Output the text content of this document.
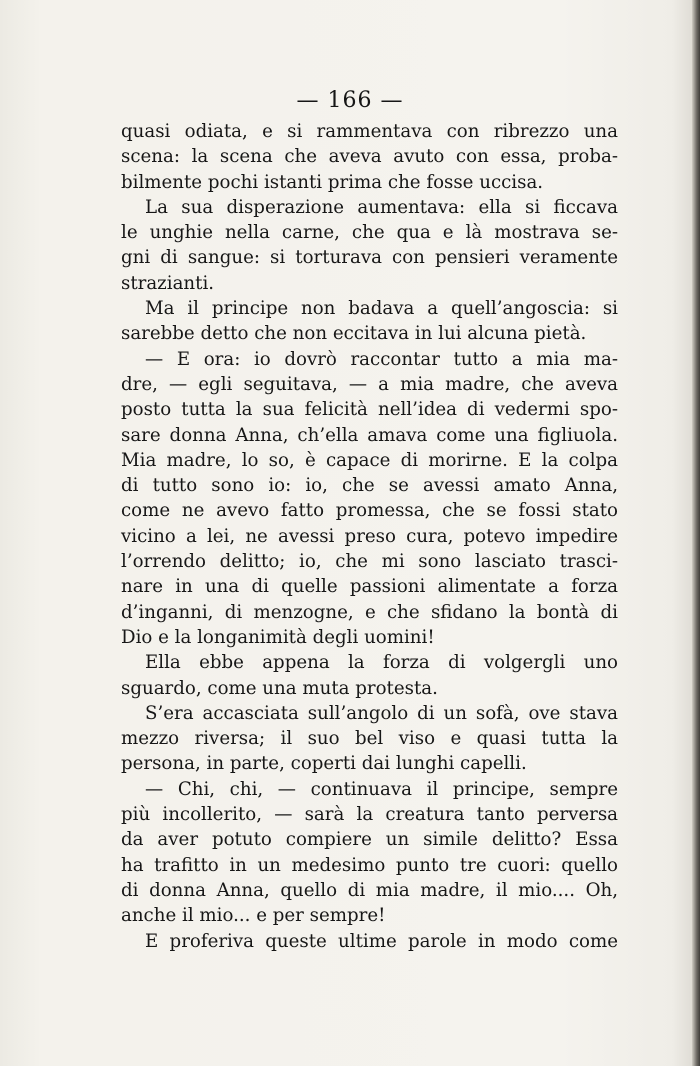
— 166 —
quasi odiata, e si rammentava con ribrezzo una
scena: la scena che aveva avuto con essa, proba-
bilmente pochi istanti prima che fosse uccisa.
La sua disperazione aumentava: ella si ficcava
le unghie nella carne, che qua e là mostrava se-
gni di sangue: si torturava con pensieri veramente
strazianti.
Ma il principe non badava a quell’angoscia: si
sarebbe detto che non eccitava in lui alcuna pietà.
— E ora: io dovrò raccontar tutto a mia ma-
dre, — egli seguitava, — a mia madre, che aveva
posto tutta la sua felicità nell’idea di vedermi spo-
sare donna Anna, ch’ella amava come una figliuola.
Mia madre, lo so, è capace di morirne. E la colpa
di tutto sono io: io, che se avessi amato Anna,
come ne avevo fatto promessa, che se fossi stato
vicino a lei, ne avessi preso cura, potevo impedire
l’orrendo delitto; io, che mi sono lasciato trasci-
nare in una di quelle passioni alimentate a forza
d’inganni, di menzogne, e che sfidano la bontà di
Dio e la longanimità degli uomini!
Ella ebbe appena la forza di volgergli uno
sguardo, come una muta protesta.
S’era accasciata sull’angolo di un sofà, ove stava
mezzo riversa; il suo bel viso e quasi tutta la
persona, in parte, coperti dai lunghi capelli.
— Chi, chi, — continuava il principe, sempre
più incollerito, — sarà la creatura tanto perversa
da aver potuto compiere un simile delitto? Essa
ha trafitto in un medesimo punto tre cuori: quello
di donna Anna, quello di mia madre, il mio.... Oh,
anche il mio... e per sempre!
E proferiva queste ultime parole in modo come
